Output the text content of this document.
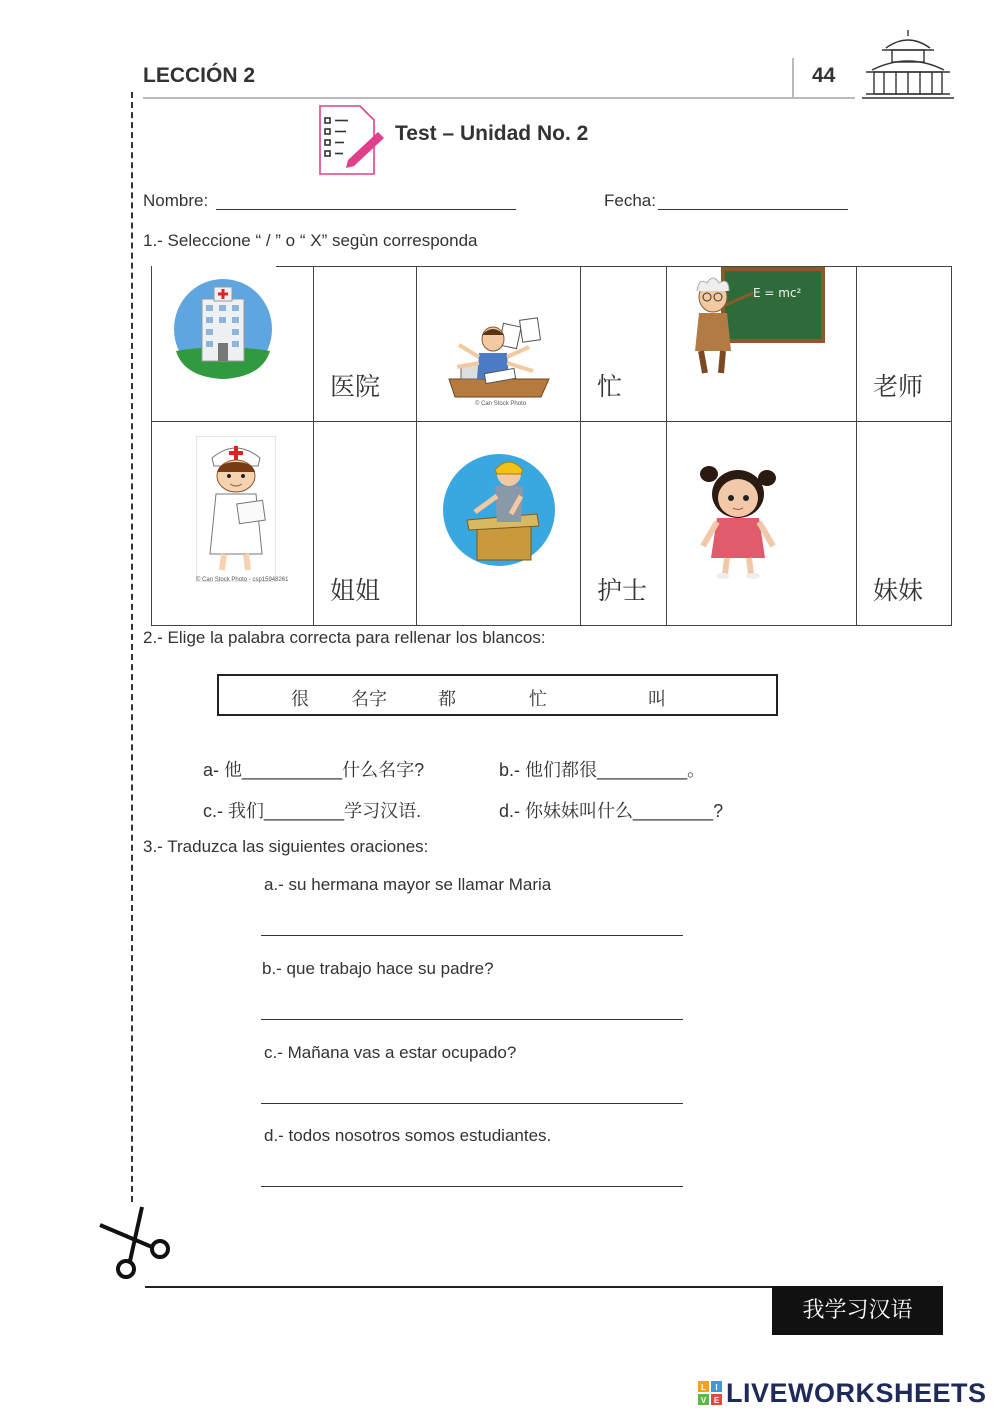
LECCIÓN 2	44
Test – Unidad No. 2
Nombre:	Fecha:
1.- Seleccione “ / ” o “ X” segùn corresponda

医院	© Can Stock Photo	忙	E = mc²	老师

© Can Stock Photo - csp15948261	姐姐		护士		妹妹
2.- Elige la palabra correcta para rellenar los blancos:
很 名字	都	忙	叫
a- 他__________什么名字?	b.- 他们都很_________。
c.- 我们________学习汉语.	d.- 你妹妹叫什么________?
3.- Traduzca las siguientes oraciones:
a.- su hermana mayor se llamar Maria
b.- que trabajo hace su padre?
c.- Mañana vas a estar ocupado?
d.- todos nosotros somos estudiantes.
我学习汉语
L I
V E LIVEWORKSHEETS
